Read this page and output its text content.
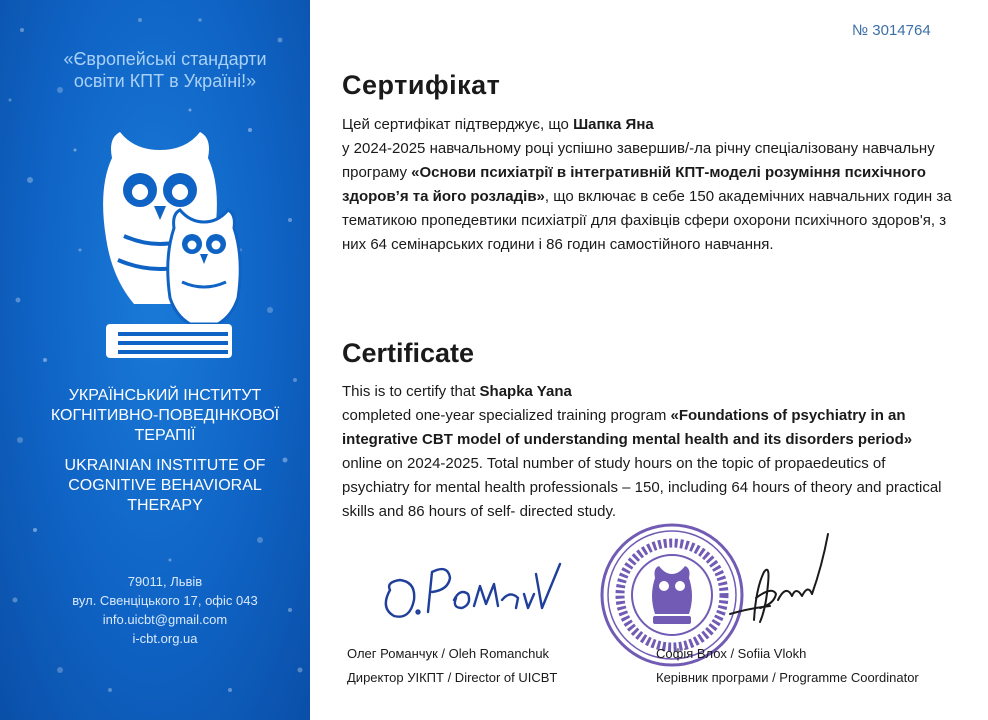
«Європейські стандарти освіти КПТ в Україні!»
УКРАЇНСЬКИЙ ІНСТИТУТ КОГНІТИВНО-ПОВЕДІНКОВОЇ ТЕРАПІЇ
UKRAINIAN INSTITUTE OF COGNITIVE BEHAVIORAL THERAPY
79011, Львів
вул. Свенціцького 17, офіс 043
info.uicbt@gmail.com
i-cbt.org.ua
№ 3014764
Сертифікат
Цей сертифікат підтверджує, що Шапка Яна
у 2024-2025 навчальному році успішно завершив/-ла річну спеціалізовану навчальну програму «Основи психіатрії в інтегративній КПТ-моделі розуміння психічного здоров’я та його розладів», що включає в себе 150 академічних навчальних годин за тематикою пропедевтики психіатрії для фахівців сфери охорони психічного здоров'я, з них 64 семінарських години і 86 годин самостійного навчання.
Certificate
This is to certify that Shapka Yana
completed one-year specialized training program «Foundations of psychiatry in an integrative CBT model of understanding mental health and its disorders period» online on 2024-2025. Total number of study hours on the topic of propaedeutics of psychiatry for mental health professionals – 150, including 64 hours of theory and practical skills and 86 hours of self- directed study.
Олег Романчук / Oleh Romanchuk
Директор УІКПТ / Director of UICBT
Софія Влох / Sofiia Vlokh
Керівник програми / Programme Coordinator
